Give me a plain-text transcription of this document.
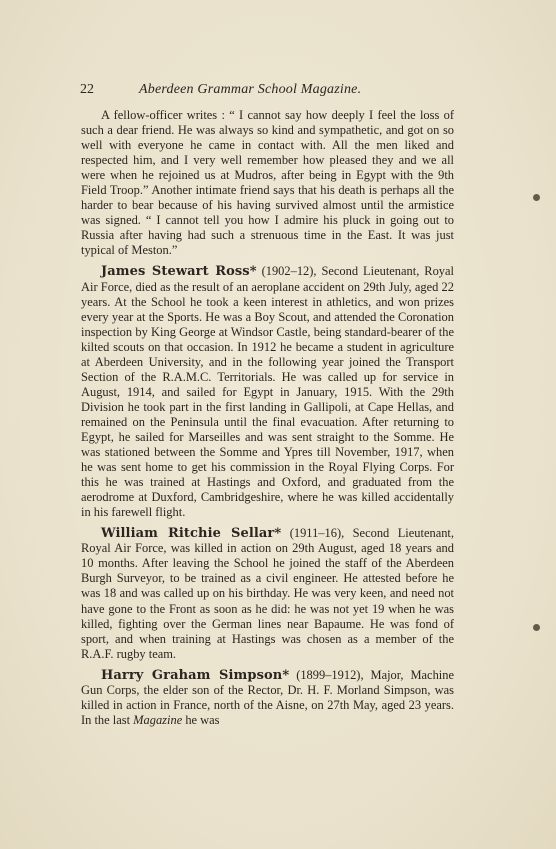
22	Aberdeen Grammar School Magazine.

A fellow-officer writes : “ I cannot say how deeply I feel the loss of such a dear friend. He was always so kind and sympathetic, and got on so well with everyone he came in contact with. All the men liked and respected him, and I very well remember how pleased they and we all were when he rejoined us at Mudros, after being in Egypt with the 9th Field Troop.” Another intimate friend says that his death is perhaps all the harder to bear because of his having survived almost until the armistice was signed. “ I cannot tell you how I admire his pluck in going out to Russia after having had such a strenuous time in the East. It was just typical of Meston.”

James Stewart Ross* (1902–12), Second Lieutenant, Royal Air Force, died as the result of an aeroplane accident on 29th July, aged 22 years. At the School he took a keen interest in athletics, and won prizes every year at the Sports. He was a Boy Scout, and attended the Coronation inspection by King George at Windsor Castle, being standard-bearer of the kilted scouts on that occasion. In 1912 he became a student in agriculture at Aberdeen University, and in the following year joined the Transport Section of the R.A.M.C. Territorials. He was called up for service in August, 1914, and sailed for Egypt in January, 1915. With the 29th Division he took part in the first landing in Gallipoli, at Cape Hellas, and remained on the Peninsula until the final evacuation. After returning to Egypt, he sailed for Marseilles and was sent straight to the Somme. He was stationed between the Somme and Ypres till November, 1917, when he was sent home to get his commission in the Royal Flying Corps. For this he was trained at Hastings and Oxford, and graduated from the aerodrome at Duxford, Cambridgeshire, where he was killed accidentally in his farewell flight.

William Ritchie Sellar* (1911–16), Second Lieutenant, Royal Air Force, was killed in action on 29th August, aged 18 years and 10 months. After leaving the School he joined the staff of the Aberdeen Burgh Surveyor, to be trained as a civil engineer. He attested before he was 18 and was called up on his birthday. He was very keen, and need not have gone to the Front as soon as he did: he was not yet 19 when he was killed, fighting over the German lines near Bapaume. He was fond of sport, and when training at Hastings was chosen as a member of the R.A.F. rugby team.

Harry Graham Simpson* (1899–1912), Major, Machine Gun Corps, the elder son of the Rector, Dr. H. F. Morland Simpson, was killed in action in France, north of the Aisne, on 27th May, aged 23 years. In the last Magazine he was
